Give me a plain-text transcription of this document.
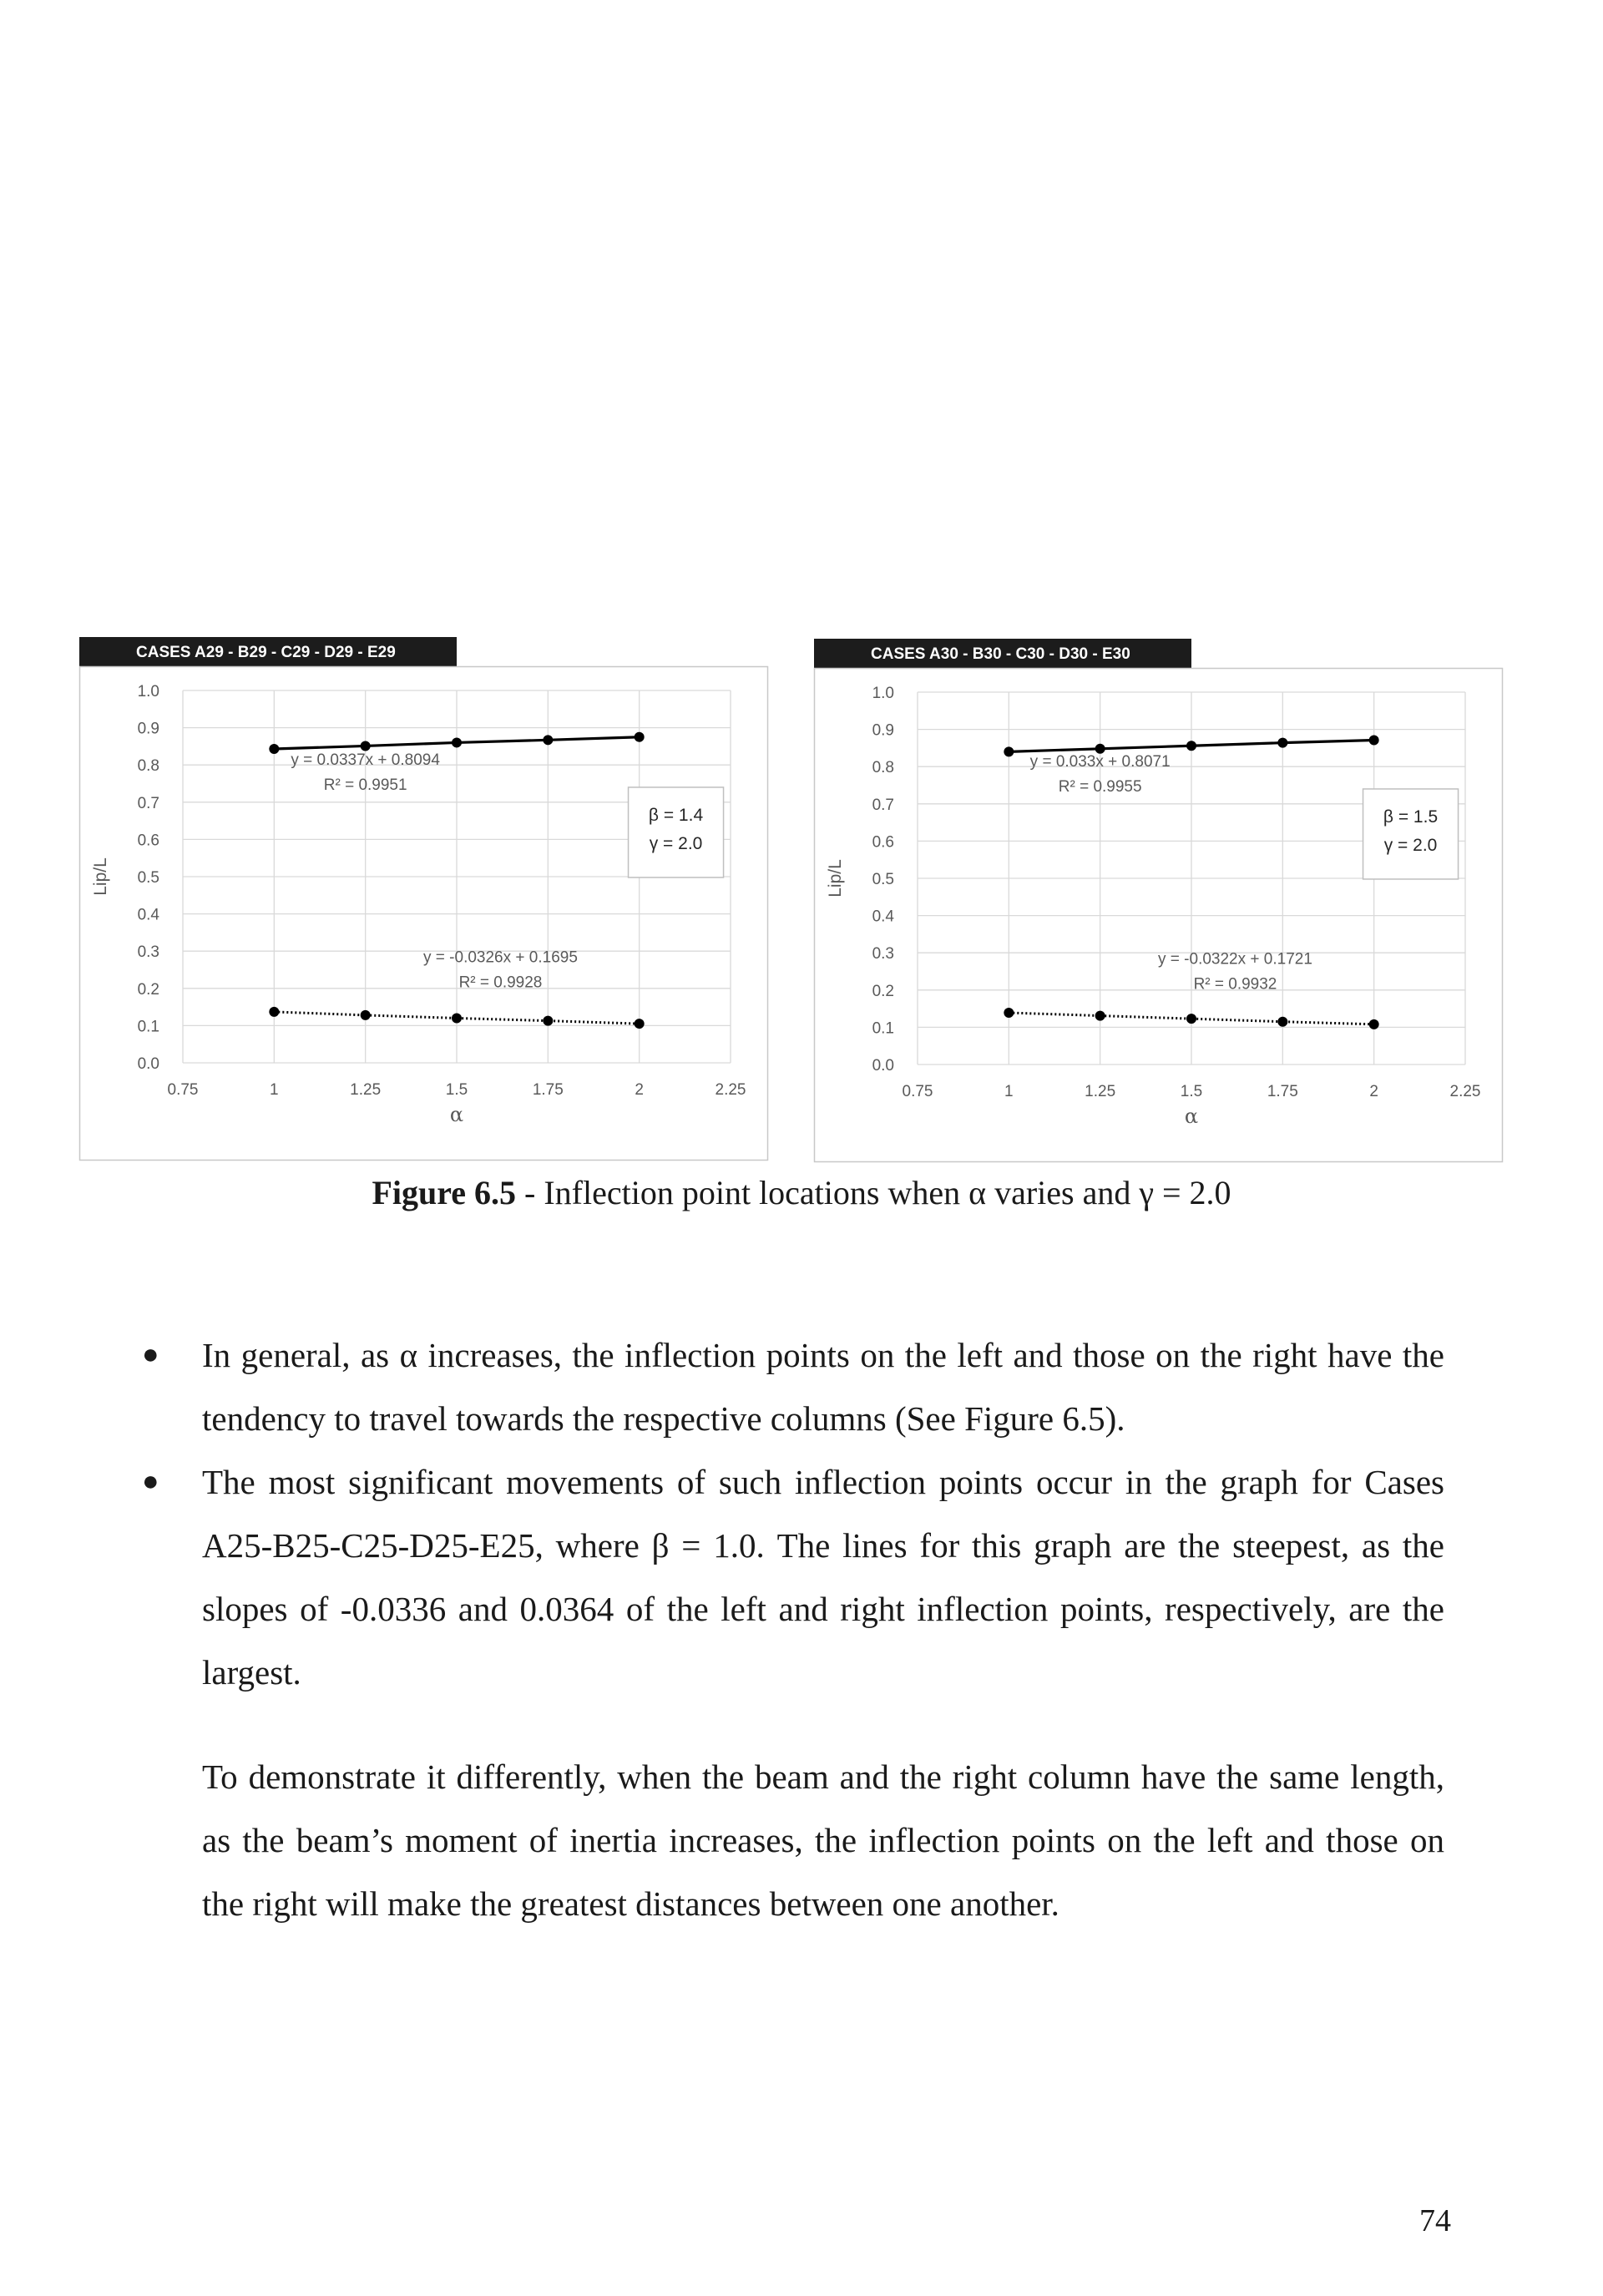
CASES A29 - B29 - C29 - D29 - E29
0.0
0.1
0.2
0.3
0.4
0.5
0.6
0.7
0.8
0.9
1.0
0.75	1	1.25	1.5	1.75	2	2.25
α
Lip/L
y = 0.0337x + 0.8094
R² = 0.9951
y = -0.0326x + 0.1695
R² = 0.9928
β = 1.4
γ = 2.0
CASES A30 - B30 - C30 - D30 - E30
0.0
0.1
0.2
0.3
0.4
0.5
0.6
0.7
0.8
0.9
1.0
0.75	1	1.25	1.5	1.75	2	2.25
α
Lip/L
y = 0.033x + 0.8071
R² = 0.9955
y = -0.0322x + 0.1721
R² = 0.9932
β = 1.5
γ = 2.0
Figure 6.5 - Inflection point locations when α varies and γ = 2.0
● In general, as α increases, the inflection points on the left and those on the right have the tendency to travel towards the respective columns (See Figure 6.5).
● The most significant movements of such inflection points occur in the graph for Cases A25-B25-C25-D25-E25, where β = 1.0. The lines for this graph are the steepest, as the slopes of -0.0336 and 0.0364 of the left and right inflection points, respectively, are the largest.

To demonstrate it differently, when the beam and the right column have the same length, as the beam’s moment of inertia increases, the inflection points on the left and those on the right will make the greatest distances between one another.

74
